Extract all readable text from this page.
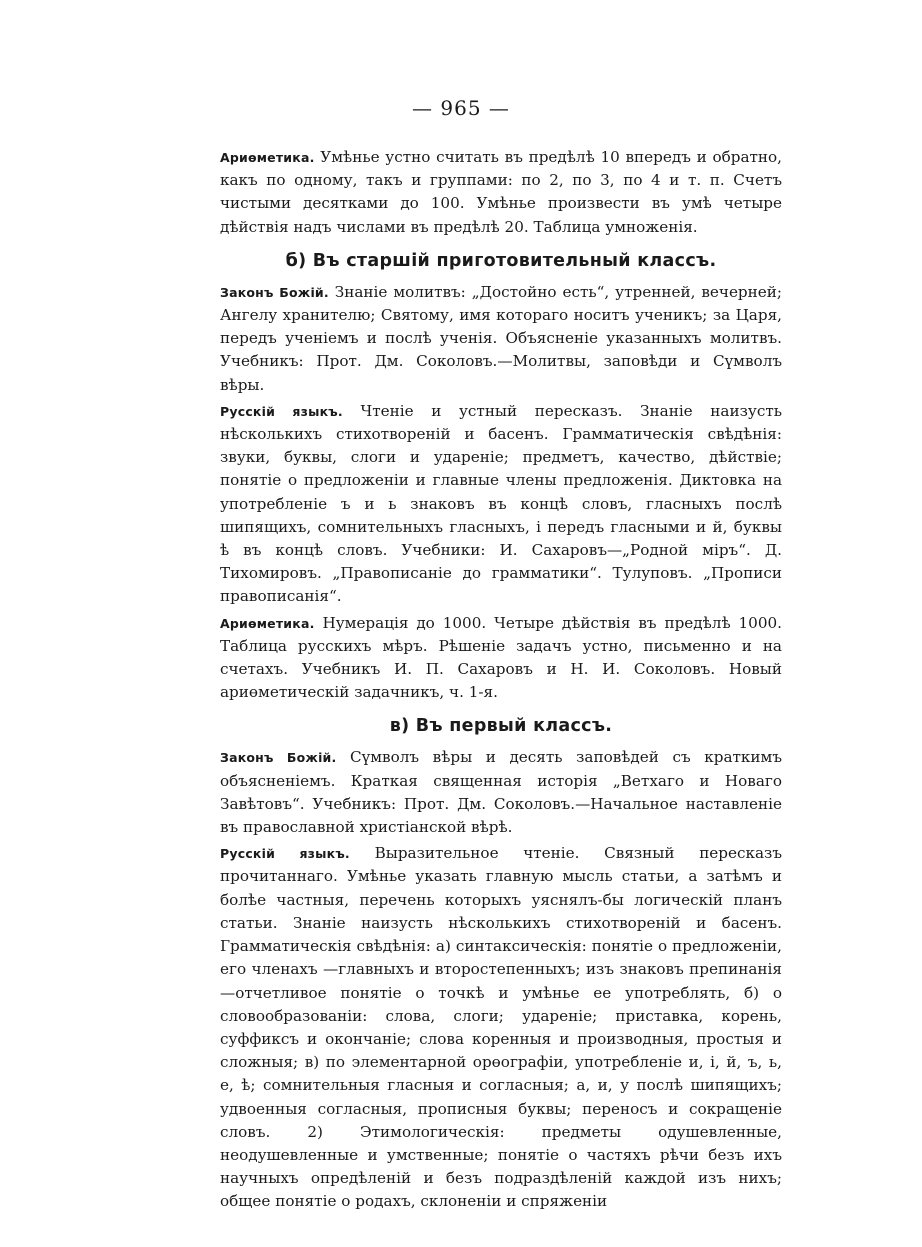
— 965 —

Ариөметика. Умѣнье устно считать въ предѣлѣ 10 впередъ и обратно, какъ по одному, такъ и группами: по 2, по 3, по 4 и т. п. Счетъ чистыми десятками до 100. Умѣнье произвести въ умѣ четыре дѣйствія надъ числами въ предѣлѣ 20. Таблица умноженія.

б) Въ старшій приготовительный классъ.

Законъ Божій. Знаніе молитвъ: „Достойно есть“, утренней, вечерней; Ангелу хранителю; Святому, имя котораго носитъ ученикъ; за Царя, передъ ученіемъ и послѣ ученія. Объясненіе указанныхъ молитвъ. Учебникъ: Прот. Дм. Соколовъ.—Молитвы, заповѣди и Сүмволъ вѣры.

Русскій языкъ. Чтеніе и устный пересказъ. Знаніе наизусть нѣсколькихъ стихотвореній и басенъ. Грамматическія свѣдѣнія: звуки, буквы, слоги и удареніе; предметъ, качество, дѣйствіе; понятіе о предложеніи и главные члены предложенія. Диктовка на употребленіе ъ и ь знаковъ въ концѣ словъ, гласныхъ послѣ шипящихъ, сомнительныхъ гласныхъ, і передъ гласными и й, буквы ѣ въ концѣ словъ. Учебники: И. Сахаровъ—„Родной міръ“. Д. Тихомировъ. „Правописаніе до грамматики“. Тулуповъ. „Прописи правописанія“.

Ариөметика. Нумерація до 1000. Четыре дѣйствія въ предѣлѣ 1000. Таблица русскихъ мѣръ. Рѣшеніе задачъ устно, письменно и на счетахъ. Учебникъ И. П. Сахаровъ и Н. И. Соколовъ. Новый ариөметическій задачникъ, ч. 1-я.

в) Въ первый классъ.

Законъ Божій. Сүмволъ вѣры и десять заповѣдей съ краткимъ объясненіемъ. Краткая священная исторія „Ветхаго и Новаго Завѣтовъ“. Учебникъ: Прот. Дм. Соколовъ.—Начальное наставленіе въ православной христіанской вѣрѣ.

Русскій языкъ. Выразительное чтеніе. Связный пересказъ прочитаннаго. Умѣнье указать главную мысль статьи, а затѣмъ и болѣе частныя, перечень которыхъ уяснялъ-бы логическій планъ статьи. Знаніе наизусть нѣсколькихъ стихотвореній и басенъ. Грамматическія свѣдѣнія: а) синтаксическія: понятіе о предложеніи, его членахъ —главныхъ и второстепенныхъ; изъ знаковъ препинанія—отчетливое понятіе о точкѣ и умѣнье ее употреблять, б) о словообразованіи: слова, слоги; удареніе; приставка, корень, суффиксъ и окончаніе; слова коренныя и производныя, простыя и сложныя; в) по элементарной орөографіи, употребленіе и, і, й, ъ, ь, е, ѣ; сомнительныя гласныя и согласныя; а, и, у послѣ шипящихъ; удвоенныя согласныя, прописныя буквы; переносъ и сокращеніе словъ. 2) Этимологическія: предметы одушевленные, неодушевленные и умственные; понятіе о частяхъ рѣчи безъ ихъ научныхъ опредѣленій и безъ подраздѣленій каждой изъ нихъ; общее понятіе о родахъ, склоненіи и спряженіи
